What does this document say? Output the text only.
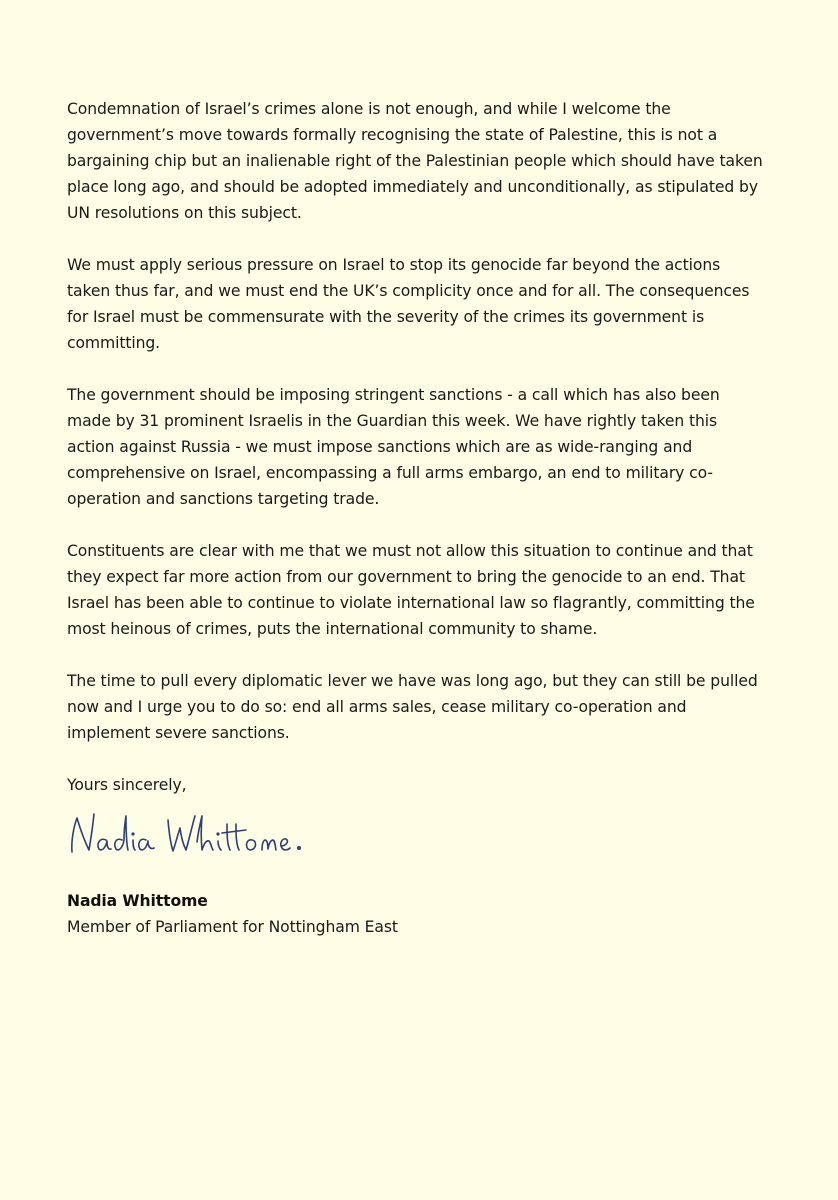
Condemnation of Israel’s crimes alone is not enough, and while I welcome the government’s move towards formally recognising the state of Palestine, this is not a bargaining chip but an inalienable right of the Palestinian people which should have taken place long ago, and should be adopted immediately and unconditionally, as stipulated by UN resolutions on this subject.

We must apply serious pressure on Israel to stop its genocide far beyond the actions taken thus far, and we must end the UK’s complicity once and for all. The consequences for Israel must be commensurate with the severity of the crimes its government is committing.

The government should be imposing stringent sanctions - a call which has also been made by 31 prominent Israelis in the Guardian this week. We have rightly taken this action against Russia - we must impose sanctions which are as wide-ranging and comprehensive on Israel, encompassing a full arms embargo, an end to military co-operation and sanctions targeting trade.

Constituents are clear with me that we must not allow this situation to continue and that they expect far more action from our government to bring the genocide to an end. That Israel has been able to continue to violate international law so flagrantly, committing the most heinous of crimes, puts the international community to shame.

The time to pull every diplomatic lever we have was long ago, but they can still be pulled now and I urge you to do so: end all arms sales, cease military co-operation and implement severe sanctions.

Yours sincerely,

Nadia Whittome
Member of Parliament for Nottingham East
